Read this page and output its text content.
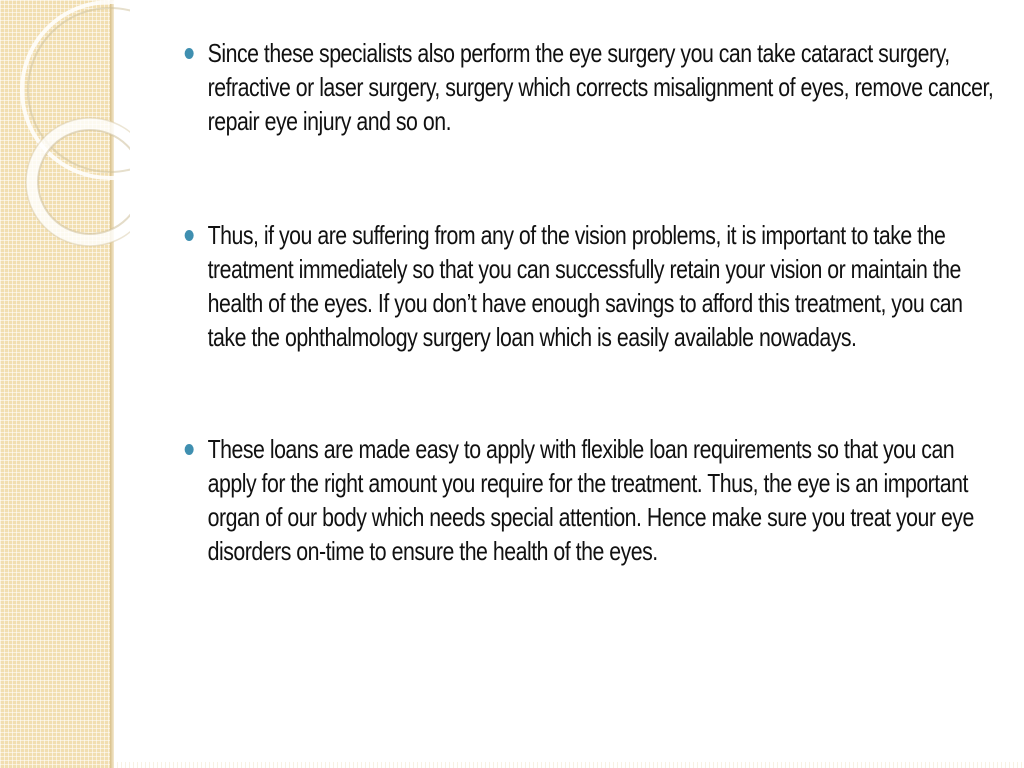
Since these specialists also perform the eye surgery you can take cataract surgery, refractive or laser surgery, surgery which corrects misalignment of eyes, remove cancer, repair eye injury and so on.
Thus, if you are suffering from any of the vision problems, it is important to take the treatment immediately so that you can successfully retain your vision or maintain the health of the eyes. If you don’t have enough savings to afford this treatment, you can take the ophthalmology surgery loan which is easily available nowadays.
These loans are made easy to apply with flexible loan requirements so that you can apply for the right amount you require for the treatment. Thus, the eye is an important organ of our body which needs special attention. Hence make sure you treat your eye disorders on-time to ensure the health of the eyes.
